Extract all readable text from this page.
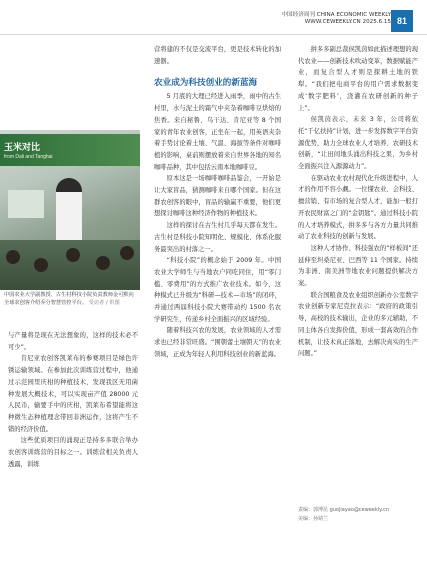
中国经济周刊 CHINA ECONOMIC WEEKLY
WWW.CEWEEKLY.CN 2025.6.15 81
玉米对比
from Dali and Tanghai
中国农业大学副教授、古生村科技小院负责教师金可默向全球农创客介绍乔分智慧管控平台。 受访者 / 供图

与产量将是现在无法想象的，这样的技术必不可少”。

肯尼亚农创客凯莱布的参赛项目是绿色许锈运输领域。在参加此次训练营过程中，他通过示范园里庆柑的种植技术，发现我区无用菌种发展大概技术，可以实现亩产值 28000 元人民币，输要手中的庆柑，凯莱布希望能将这种微生态种植理念带回非洲运作，这将产生不错的经济价值。

这些优质项目的涌现正是持多多联合举办农创客训练营的目标之一。训练营相关负责人透露，训练

营将建的不仅是交流平台，更是技术转化的加速器。

农业成为科技创业的新蓝海

5 月底的大理已经进入雨季，雨中的古生村里，水与泥土的霜气中夹杂着咖啡豆烘焙的焦香。来自秘鲁、乌干达、肯尼亚等 8 个国家的青年农业创客，正坐在一起，用英语夹杂着手势讨论着土壤、气温、海拔等条件对咖啡植的影响，桌前则摆放着来自世界各地的知名咖啡品种，其中包括云南本地咖啡豆。

原本这是一场咖啡咖啡品鉴会，一开始是让大家盲品，猜测咖啡来自哪个国家。但在这群农创客的眼中，盲品的输赢不重要，他们更想探讨咖啡这种经济作物的种植技术。

这样的探讨在古生村几乎每天都在发生。古生村是科技小院知明化、规模化、体系化服务最突出的村落之一。

“科技小院”的概念始于 2009 年。中国农业大学师生与当地农户同吃同住，用“零门槛、零费用”的方式推广农业技术。如今，这种模式已升级为“科研—技术—市场”的闭环，并通过两届科技小院大赛带动约 1500 名农学研究生，传递乡村全面振兴的区域经验。

随着科技兴农的发展，农业领域的人才需求也已经非常旺盛。“围朝蕾土壤朝天”的农业领域，正成为年轻人利用科技创业的新蓝海。

拼多多副总裁侯凯茵如此描述理想的现代农业——创新技术吹动变革，数据赋能产业，而复合型人才则是探耕土地的铁犁。“我们把电商平台的用户需求数据变成‘数字肥料’，浇灌在农研创新的种子上”。

侯凯茵表示，未来 3 年，公司将依托“千亿扶持”计划，进一步发挥数字平台资源优势，助力全球农业人才培养、农研技术创新，“让田间地头涌出科技之果，为乡村全面振兴注入源源动力”。

在驱动农业农村现代化升级进程中，人才的作用不容小觑。一位懂农业、会科技、擅营销、有市场的复合型人才，能加一般打开农民财富之门的“金钥匙”。通过科技小院的人才培养模式，拼多多与各方力量共同推动了农业科技的创新与发展。

这种人才协作、科技强农的“样板间”还延伸至坦桑尼亚、巴西等 11 个国家。持续为非洲、南美洲等地农业问题提供解决方案。

联合国粮食及农业组织创新办公室数字农业创新专家尼克拉表示：“政府的政策引导，高校的技术输出，企业的多元辅助，不同主体各自发挥价值，形成一套高效的合作机制，让技术真正落地，去解决真实的生产问题。”

责编：郭博昆 guojiayao@ceweekly.cn
美编：孙婧兰
